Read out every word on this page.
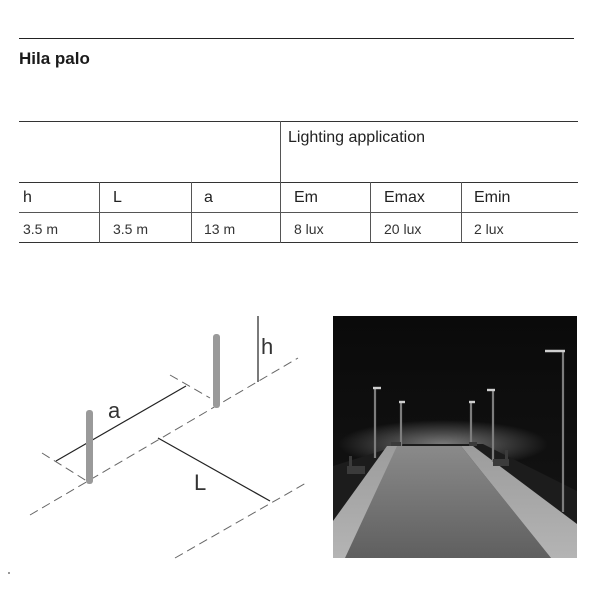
Hila palo
Lighting application
h	L	a	Em	Emax	Emin
3.5 m	3.5 m	13 m	8 lux	20 lux	2 lux
a
L
h
